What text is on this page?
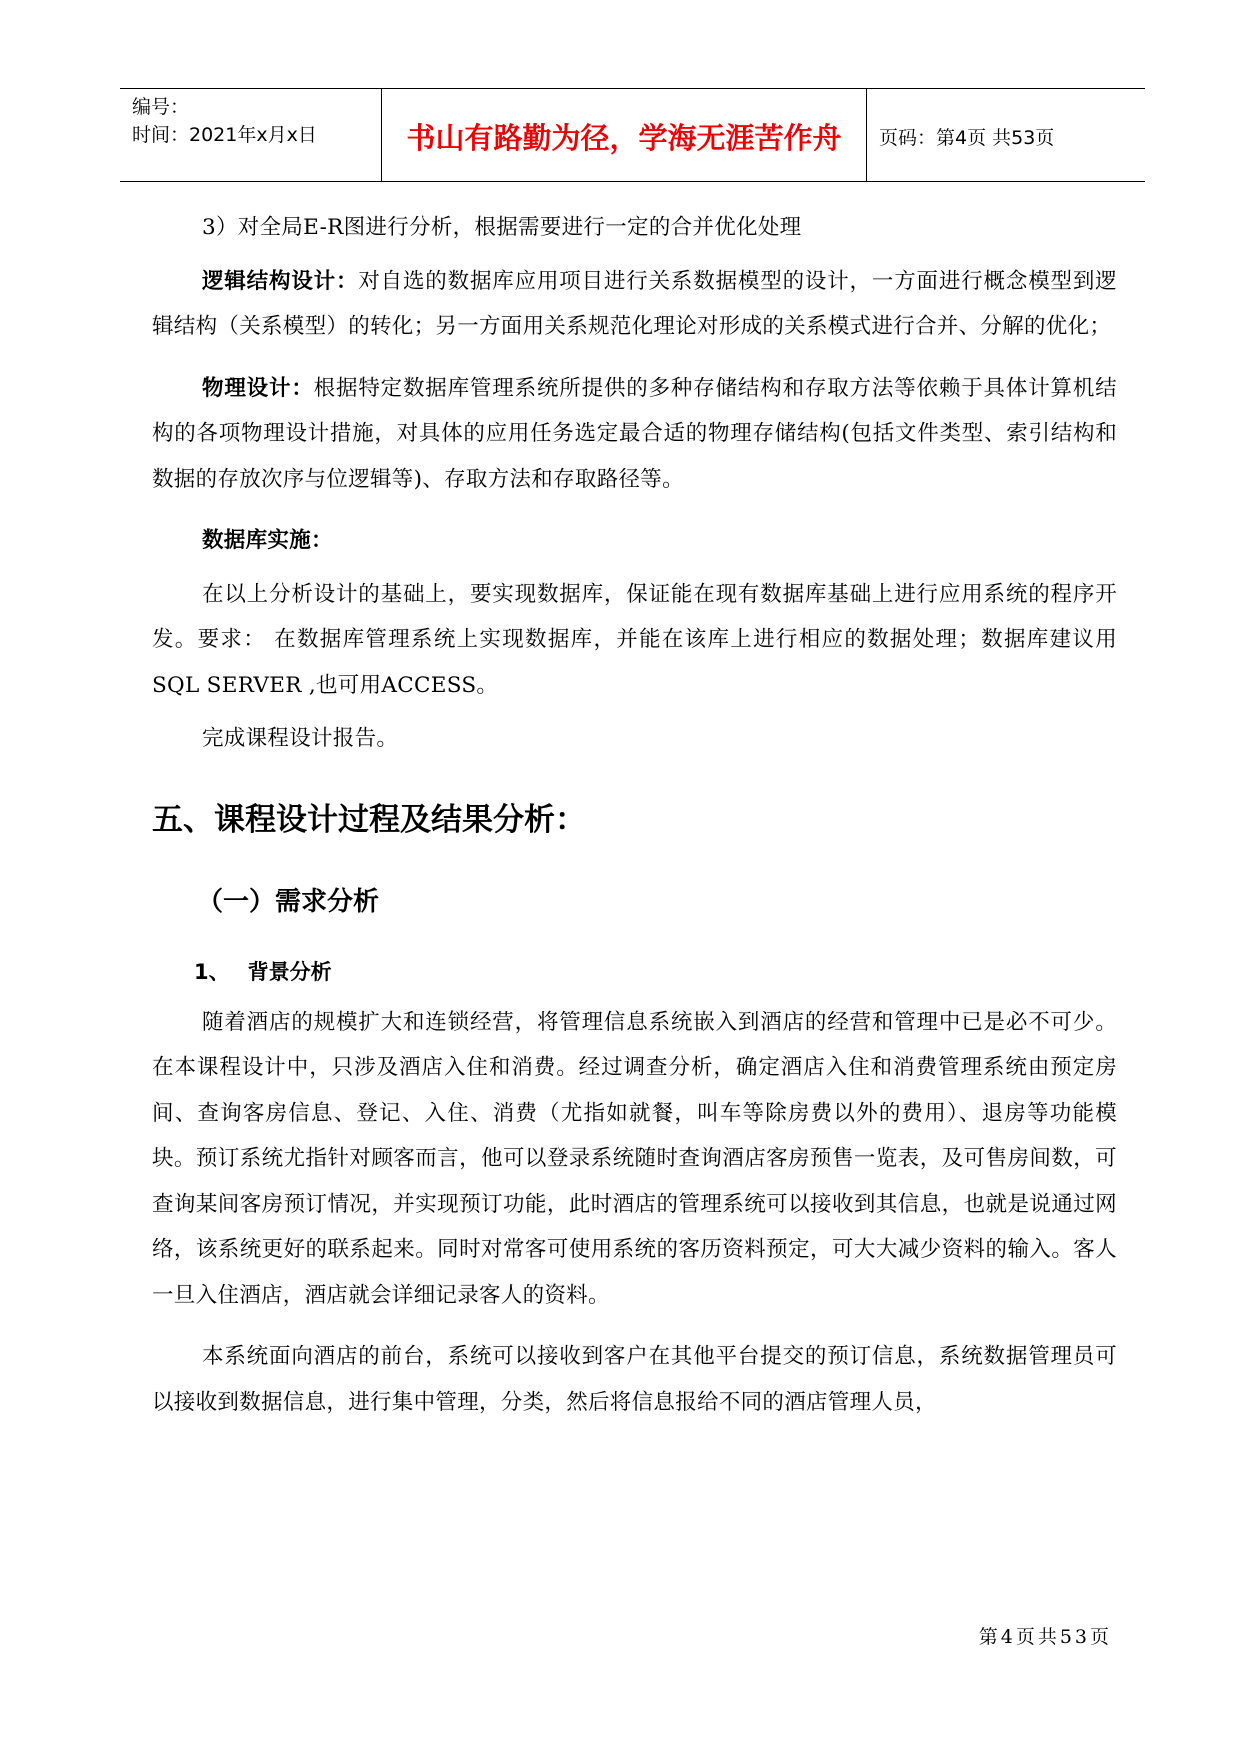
编号：
时间：2021年x月x日	书山有路勤为径，学海无涯苦作舟	页码：第4页 共53页

3）对全局E-R图进行分析，根据需要进行一定的合并优化处理

逻辑结构设计：对自选的数据库应用项目进行关系数据模型的设计，一方面进行概念模型到逻辑结构（关系模型）的转化；另一方面用关系规范化理论对形成的关系模式进行合并、分解的优化；

物理设计：根据特定数据库管理系统所提供的多种存储结构和存取方法等依赖于具体计算机结构的各项物理设计措施，对具体的应用任务选定最合适的物理存储结构(包括文件类型、索引结构和数据的存放次序与位逻辑等)、存取方法和存取路径等。

数据库实施：

在以上分析设计的基础上，要实现数据库，保证能在现有数据库基础上进行应用系统的程序开发。要求： 在数据库管理系统上实现数据库，并能在该库上进行相应的数据处理；数据库建议用SQL SERVER ,也可用ACCESS。

完成课程设计报告。

五、课程设计过程及结果分析：
（一）需求分析
1、 背景分析

随着酒店的规模扩大和连锁经营，将管理信息系统嵌入到酒店的经营和管理中已是必不可少。在本课程设计中，只涉及酒店入住和消费。经过调查分析，确定酒店入住和消费管理系统由预定房间、查询客房信息、登记、入住、消费（尤指如就餐，叫车等除房费以外的费用）、退房等功能模块。预订系统尤指针对顾客而言，他可以登录系统随时查询酒店客房预售一览表，及可售房间数，可查询某间客房预订情况，并实现预订功能，此时酒店的管理系统可以接收到其信息，也就是说通过网络，该系统更好的联系起来。同时对常客可使用系统的客历资料预定，可大大减少资料的输入。客人一旦入住酒店，酒店就会详细记录客人的资料。

本系统面向酒店的前台，系统可以接收到客户在其他平台提交的预订信息，系统数据管理员可以接收到数据信息，进行集中管理，分类，然后将信息报给不同的酒店管理人员，

第4页共53页
